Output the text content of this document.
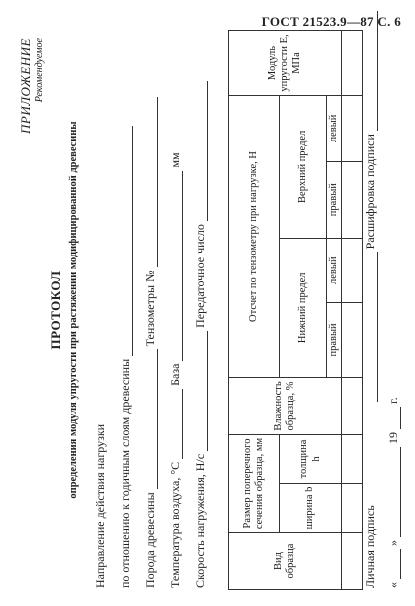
ГОСТ 21523.9—87 С. 6
ПРИЛОЖЕНИЕ Рекомендуемое
ПРОТОКОЛ определения модуля упругости при растяжении модифицированной древесины
Направление действия нагрузки по отношению к годичным слоям древесины Порода древесины  Тензометры №
Температура воздуха, °С  База  мм
Скорость нагружения, Н/с  Передаточное число
Вид образца	Размер поперечного сечения образца, мм		Влажность образца, %	Отсчет по тензометру при нагрузке, Н				Модуль упругости E, МПа
	ширина b	толщина h		Нижний предел		Верхний предел		
				правый	левый	правый	левый	

Личная подпись  Расшифровка подписи
«  »  19  г.
